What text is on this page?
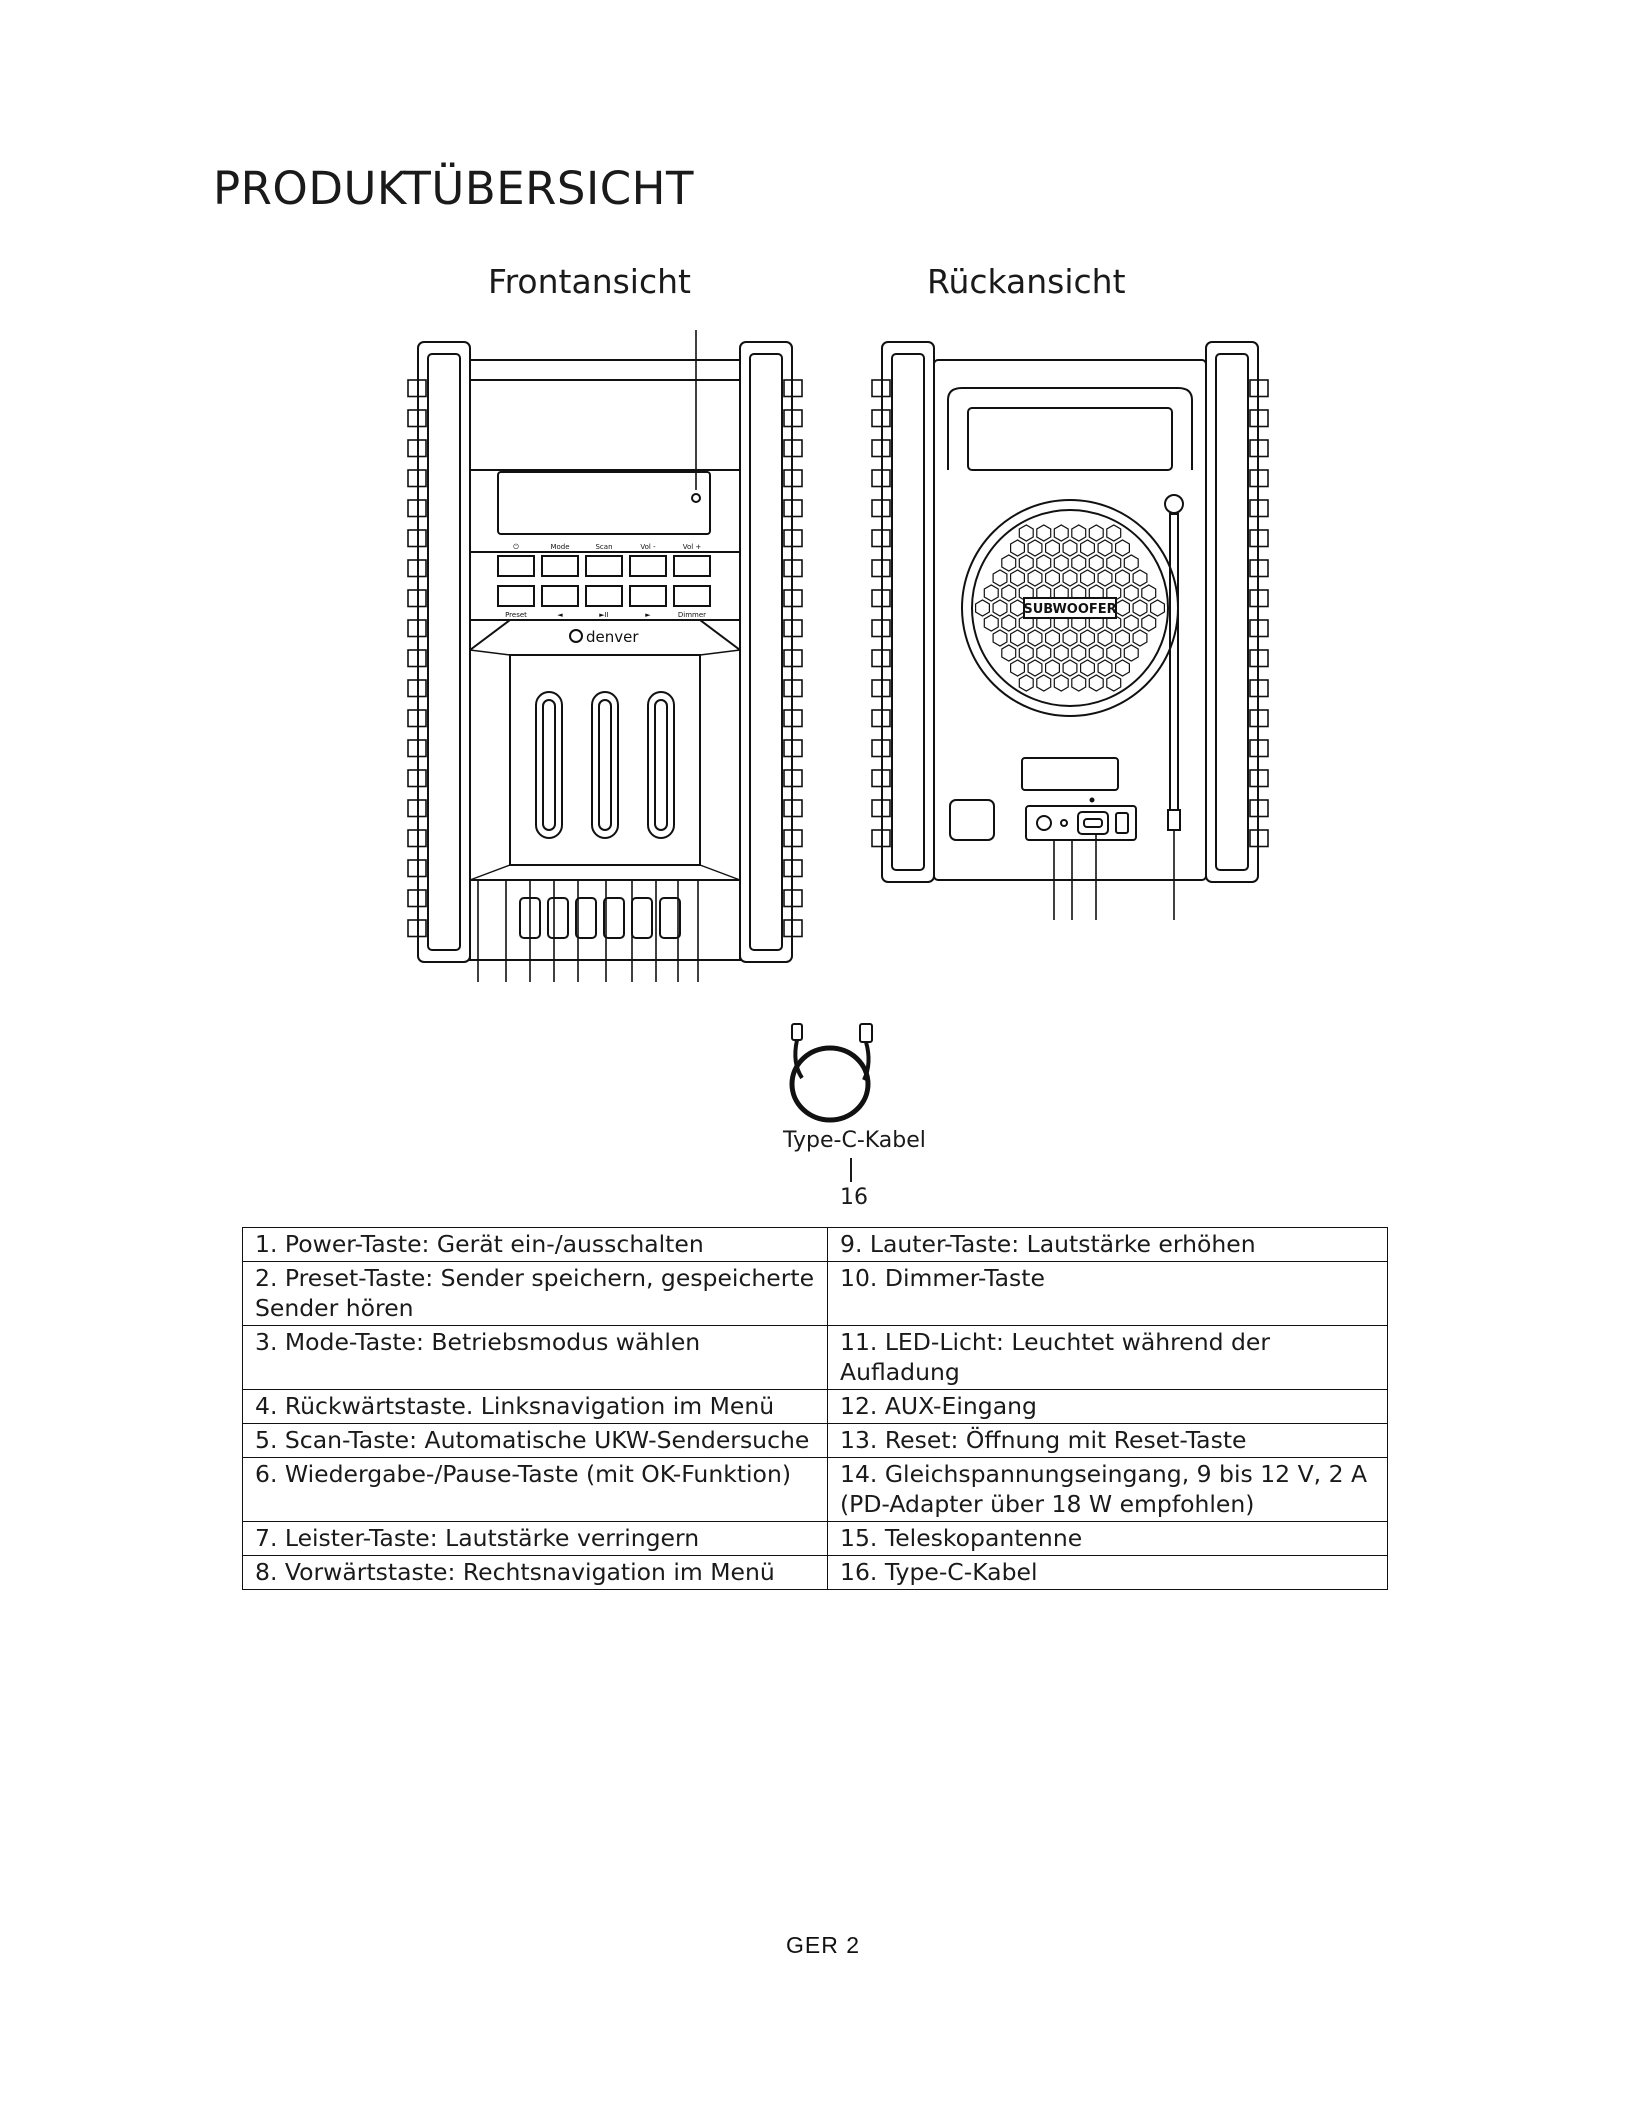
PRODUKTÜBERSICHT
Frontansicht	Rückansicht
⏻
Preset
Mode
◄
Scan
►II
Vol -
►
Vol +
Dimmer
denver
SUBWOOFER
Type-C-Kabel
16
1. Power-Taste: Gerät ein-/ausschalten	9. Lauter-Taste: Lautstärke erhöhen
2. Preset-Taste: Sender speichern, gespeicherte Sender hören	10. Dimmer-Taste
3. Mode-Taste: Betriebsmodus wählen	11. LED-Licht: Leuchtet während der Aufladung
4. Rückwärtstaste. Linksnavigation im Menü	12. AUX-Eingang
5. Scan-Taste: Automatische UKW-Sendersuche	13. Reset: Öffnung mit Reset-Taste
6. Wiedergabe-/Pause-Taste (mit OK-Funktion)	14. Gleichspannungseingang, 9 bis 12 V, 2 A (PD-Adapter über 18 W empfohlen)
7. Leister-Taste: Lautstärke verringern	15. Teleskopantenne
8. Vorwärtstaste: Rechtsnavigation im Menü	16. Type-C-Kabel
GER 2
